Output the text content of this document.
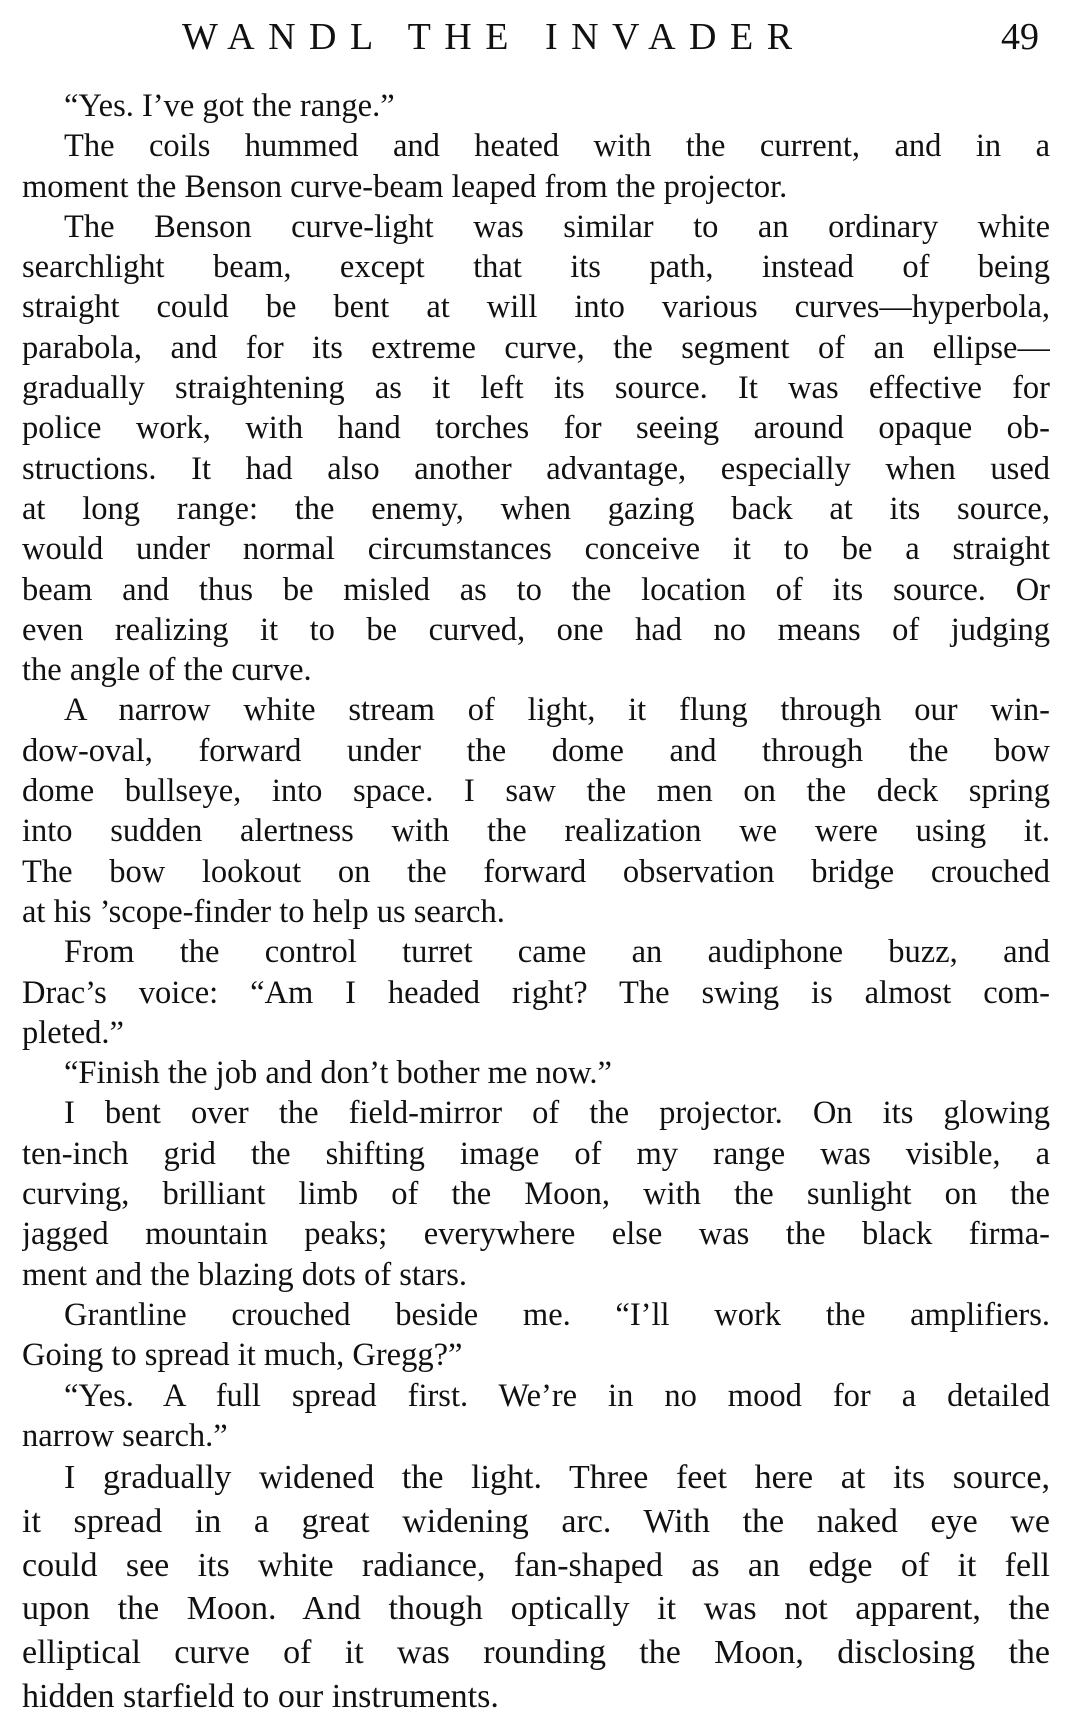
WANDL THE INVADER	49

“Yes. I’ve got the range.”

The coils hummed and heated with the current, and in a
moment the Benson curve-beam leaped from the projector.

The Benson curve-light was similar to an ordinary white
searchlight beam, except that its path, instead of being
straight could be bent at will into various curves—hyperbola,
parabola, and for its extreme curve, the segment of an ellipse—
gradually straightening as it left its source. It was effective for
police work, with hand torches for seeing around opaque ob-
structions. It had also another advantage, especially when used
at long range: the enemy, when gazing back at its source,
would under normal circumstances conceive it to be a straight
beam and thus be misled as to the location of its source. Or
even realizing it to be curved, one had no means of judging
the angle of the curve.

A narrow white stream of light, it flung through our win-
dow-oval, forward under the dome and through the bow
dome bullseye, into space. I saw the men on the deck spring
into sudden alertness with the realization we were using it.
The bow lookout on the forward observation bridge crouched
at his ’scope-finder to help us search.

From the control turret came an audiphone buzz, and
Drac’s voice: “Am I headed right? The swing is almost com-
pleted.”

“Finish the job and don’t bother me now.”

I bent over the field-mirror of the projector. On its glowing
ten-inch grid the shifting image of my range was visible, a
curving, brilliant limb of the Moon, with the sunlight on the
jagged mountain peaks; everywhere else was the black firma-
ment and the blazing dots of stars.

Grantline crouched beside me. “I’ll work the amplifiers.
Going to spread it much, Gregg?”

“Yes. A full spread first. We’re in no mood for a detailed
narrow search.”

I gradually widened the light. Three feet here at its source,
it spread in a great widening arc. With the naked eye we
could see its white radiance, fan-shaped as an edge of it fell
upon the Moon. And though optically it was not apparent, the
elliptical curve of it was rounding the Moon, disclosing the
hidden starfield to our instruments.
